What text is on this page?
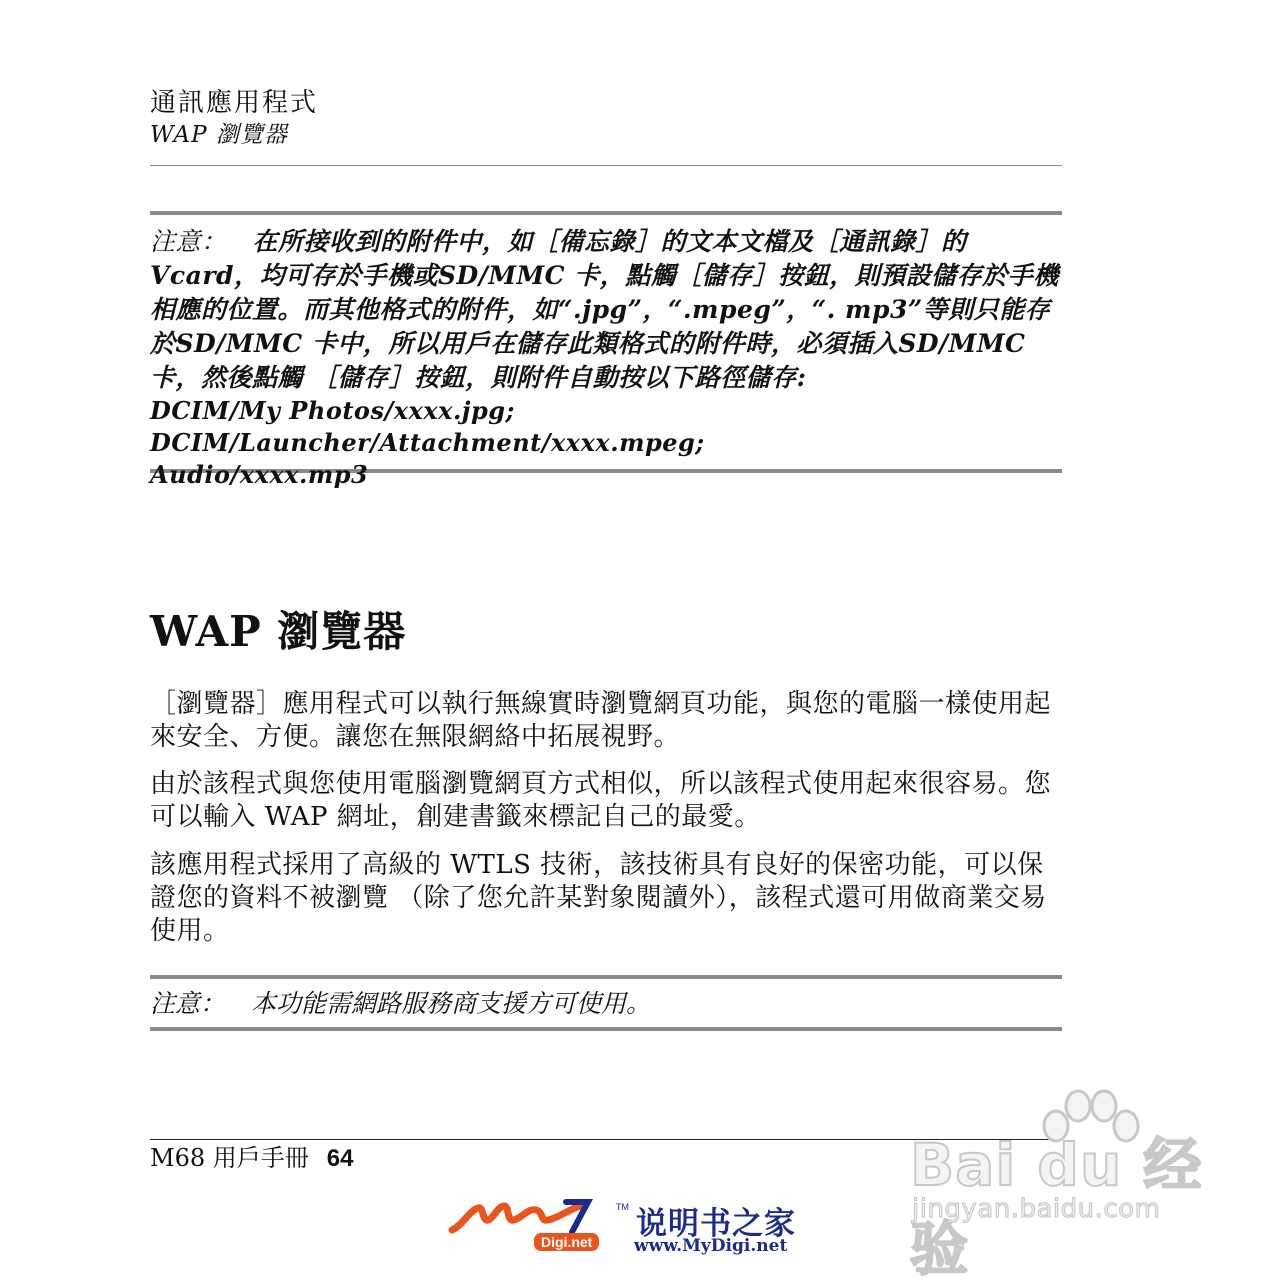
通訊應用程式
WAP 瀏覽器

注意： 在所接收到的附件中，如［備忘錄］的文本文檔及［通訊錄］的Vcard，均可存於手機或SD/MMC 卡，點觸［儲存］按鈕，則預設儲存於手機相應的位置。而其他格式的附件，如“.jpg”，“.mpeg”，“. mp3”等則只能存於SD/MMC 卡中，所以用戶在儲存此類格式的附件時，必須插入SD/MMC 卡，然後點觸 ［儲存］按鈕，則附件自動按以下路徑儲存:
DCIM/My Photos/xxxx.jpg;DCIM/Launcher/Attachment/xxxx.mpeg;
Audio/xxxx.mp3

WAP 瀏覽器

［瀏覽器］應用程式可以執行無線實時瀏覽網頁功能，與您的電腦一樣使用起來安全、方便。讓您在無限網絡中拓展視野。

由於該程式與您使用電腦瀏覽網頁方式相似，所以該程式使用起來很容易。您可以輸入 WAP 網址，創建書籤來標記自己的最愛。

該應用程式採用了高級的 WTLS 技術，該技術具有良好的保密功能，可以保證您的資料不被瀏覽 （除了您允許某對象閱讀外），該程式還可用做商業交易使用。

注意： 本功能需網路服務商支援方可使用。

M68 用戶手冊 64	Bai du 经验
jingyan.baidu.com
My
TM
Digi.net 说明书之家
www.MyDigi.net
